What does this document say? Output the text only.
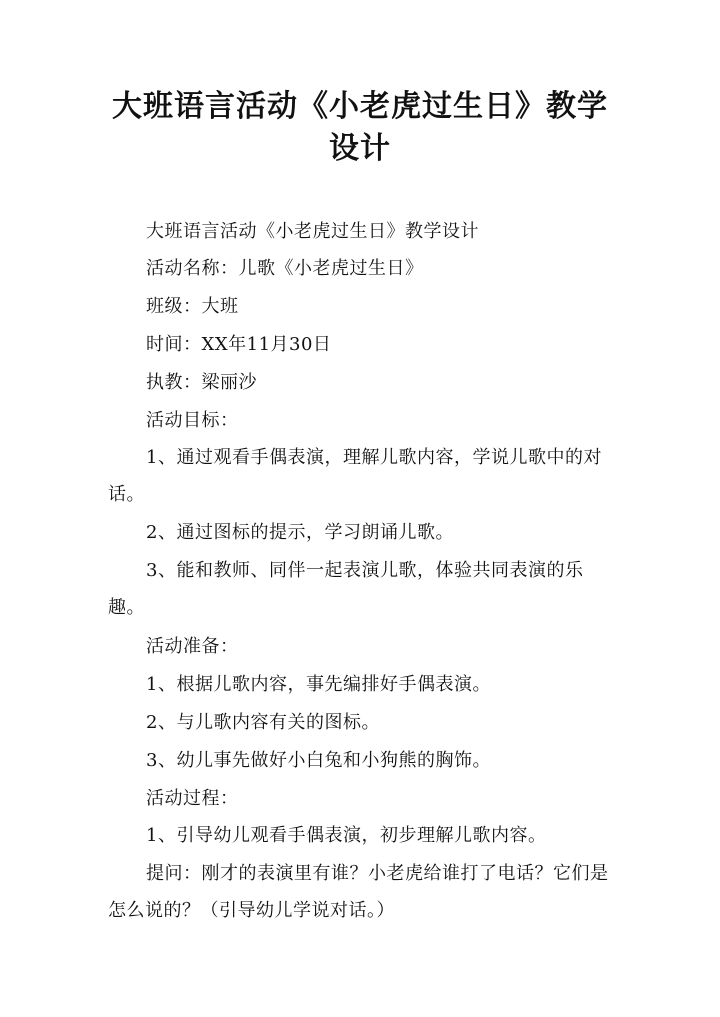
大班语言活动《小老虎过生日》教学设计

大班语言活动《小老虎过生日》教学设计

活动名称：儿歌《小老虎过生日》

班级：大班

时间：XX年11月30日

执教：梁丽沙

活动目标：

1、通过观看手偶表演，理解儿歌内容，学说儿歌中的对话。

2、通过图标的提示，学习朗诵儿歌。

3、能和教师、同伴一起表演儿歌，体验共同表演的乐趣。

活动准备：

1、根据儿歌内容，事先编排好手偶表演。

2、与儿歌内容有关的图标。

3、幼儿事先做好小白兔和小狗熊的胸饰。

活动过程：

1、引导幼儿观看手偶表演，初步理解儿歌内容。

提问：刚才的表演里有谁？小老虎给谁打了电话？它们是怎么说的？（引导幼儿学说对话。）
